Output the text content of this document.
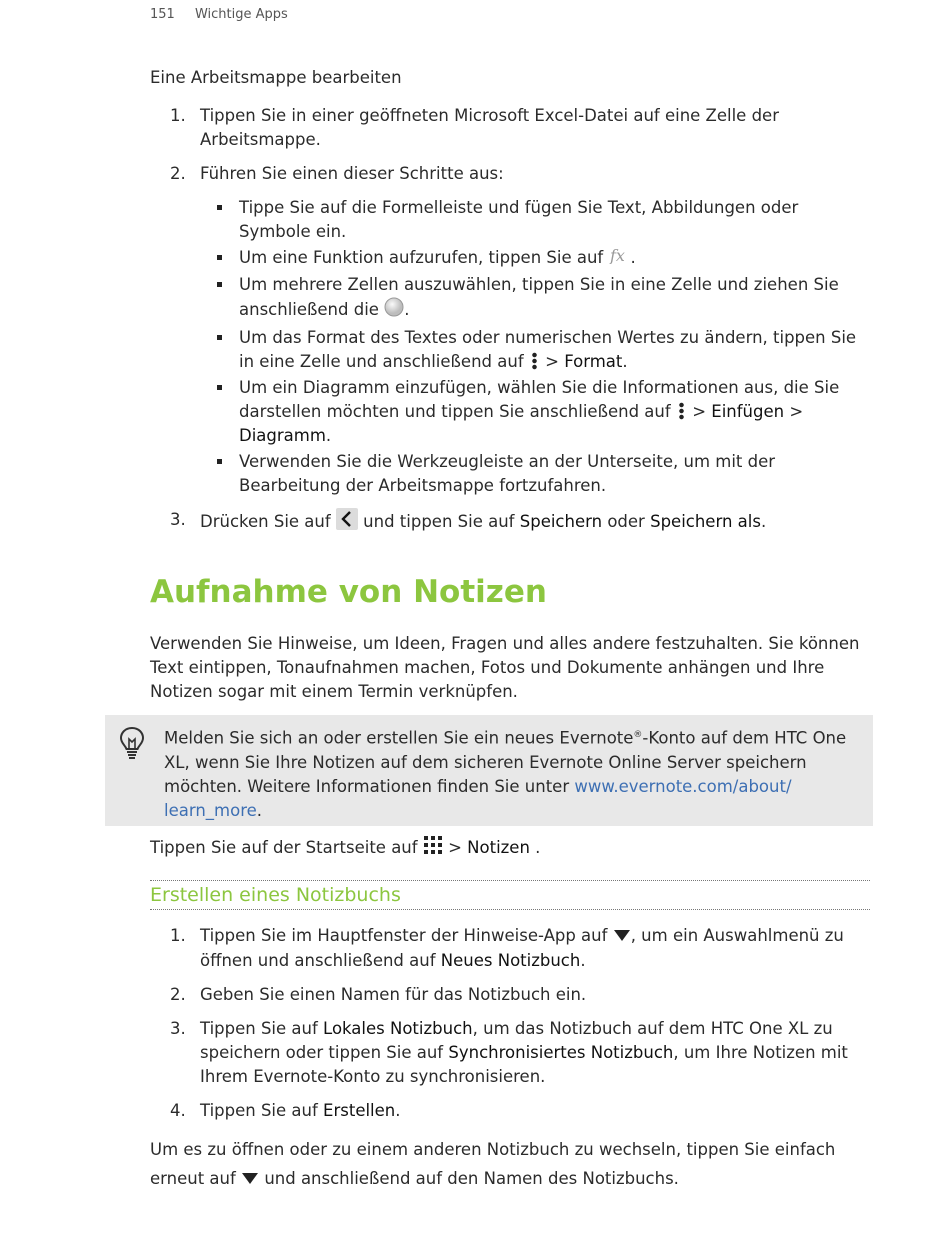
151 Wichtige Apps
Eine Arbeitsmappe bearbeiten
1. Tippen Sie in einer geöffneten Microsoft Excel-Datei auf eine Zelle der Arbeitsmappe.
2. Führen Sie einen dieser Schritte aus:
Tippe Sie auf die Formelleiste und fügen Sie Text, Abbildungen oder Symbole ein.
Um eine Funktion aufzurufen, tippen Sie auf fx .
Um mehrere Zellen auszuwählen, tippen Sie in eine Zelle und ziehen Sie anschließend die .
Um das Format des Textes oder numerischen Wertes zu ändern, tippen Sie in eine Zelle und anschließend auf > Format.
Um ein Diagramm einzufügen, wählen Sie die Informationen aus, die Sie darstellen möchten und tippen Sie anschließend auf > Einfügen > Diagramm.
Verwenden Sie die Werkzeugleiste an der Unterseite, um mit der Bearbeitung der Arbeitsmappe fortzufahren.
3. Drücken Sie auf und tippen Sie auf Speichern oder Speichern als.
Aufnahme von Notizen
Verwenden Sie Hinweise, um Ideen, Fragen und alles andere festzuhalten. Sie können Text eintippen, Tonaufnahmen machen, Fotos und Dokumente anhängen und Ihre Notizen sogar mit einem Termin verknüpfen.
Melden Sie sich an oder erstellen Sie ein neues Evernote®-Konto auf dem HTC One XL, wenn Sie Ihre Notizen auf dem sicheren Evernote Online Server speichern möchten. Weitere Informationen finden Sie unter www.evernote.com/about/ learn_more.
Tippen Sie auf der Startseite auf > Notizen .
Erstellen eines Notizbuchs
1. Tippen Sie im Hauptfenster der Hinweise-App auf , um ein Auswahlmenü zu öffnen und anschließend auf Neues Notizbuch.
2. Geben Sie einen Namen für das Notizbuch ein.
3. Tippen Sie auf Lokales Notizbuch, um das Notizbuch auf dem HTC One XL zu speichern oder tippen Sie auf Synchronisiertes Notizbuch, um Ihre Notizen mit Ihrem Evernote-Konto zu synchronisieren.
4. Tippen Sie auf Erstellen.
Um es zu öffnen oder zu einem anderen Notizbuch zu wechseln, tippen Sie einfach erneut auf und anschließend auf den Namen des Notizbuchs.
